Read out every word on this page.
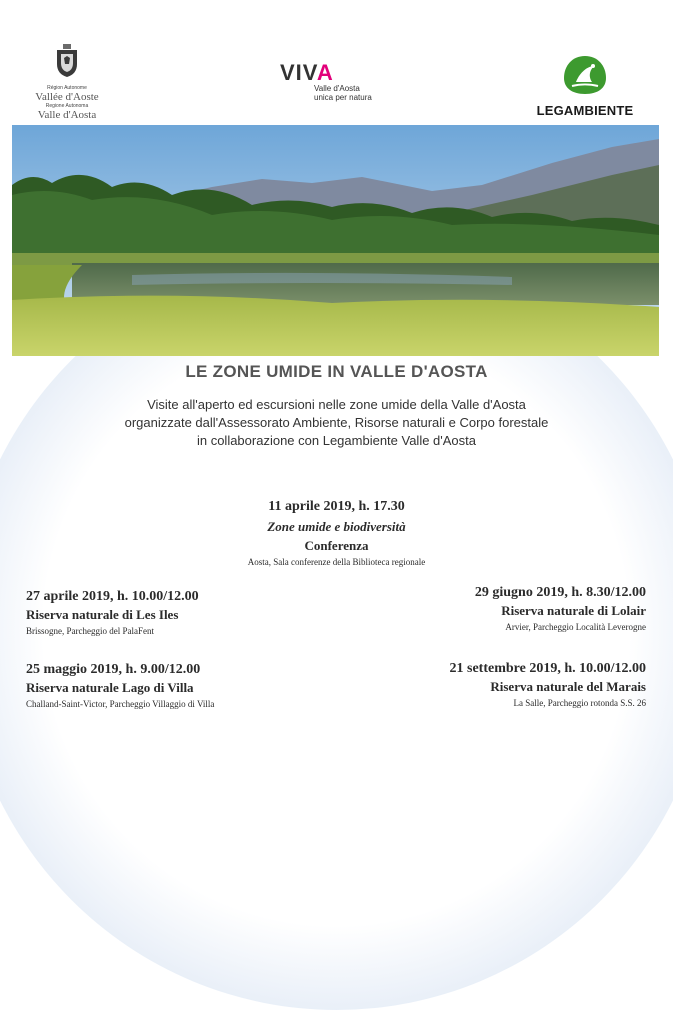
Région Autonome
Vallée d'Aoste
Regione Autonoma
Valle d'Aosta
VIVA
Valle d'Aosta
unica per natura
LEGAMBIENTE
LE ZONE UMIDE IN VALLE D'AOSTA
Visite all'aperto ed escursioni nelle zone umide della Valle d'Aosta
organizzate dall'Assessorato Ambiente, Risorse naturali e Corpo forestale
in collaborazione con Legambiente Valle d'Aosta
11 aprile 2019, h. 17.30
Zone umide e biodiversità
Conferenza
Aosta, Sala conferenze della Biblioteca regionale
27 aprile 2019, h. 10.00/12.00
Riserva naturale di Les Iles
Brissogne, Parcheggio del PalaFent
25 maggio 2019, h. 9.00/12.00
Riserva naturale Lago di Villa
Challand-Saint-Victor, Parcheggio Villaggio di Villa
29 giugno 2019, h. 8.30/12.00
Riserva naturale di Lolair
Arvier, Parcheggio Località Leverogne
21 settembre 2019, h. 10.00/12.00
Riserva naturale del Marais
La Salle, Parcheggio rotonda S.S. 26
